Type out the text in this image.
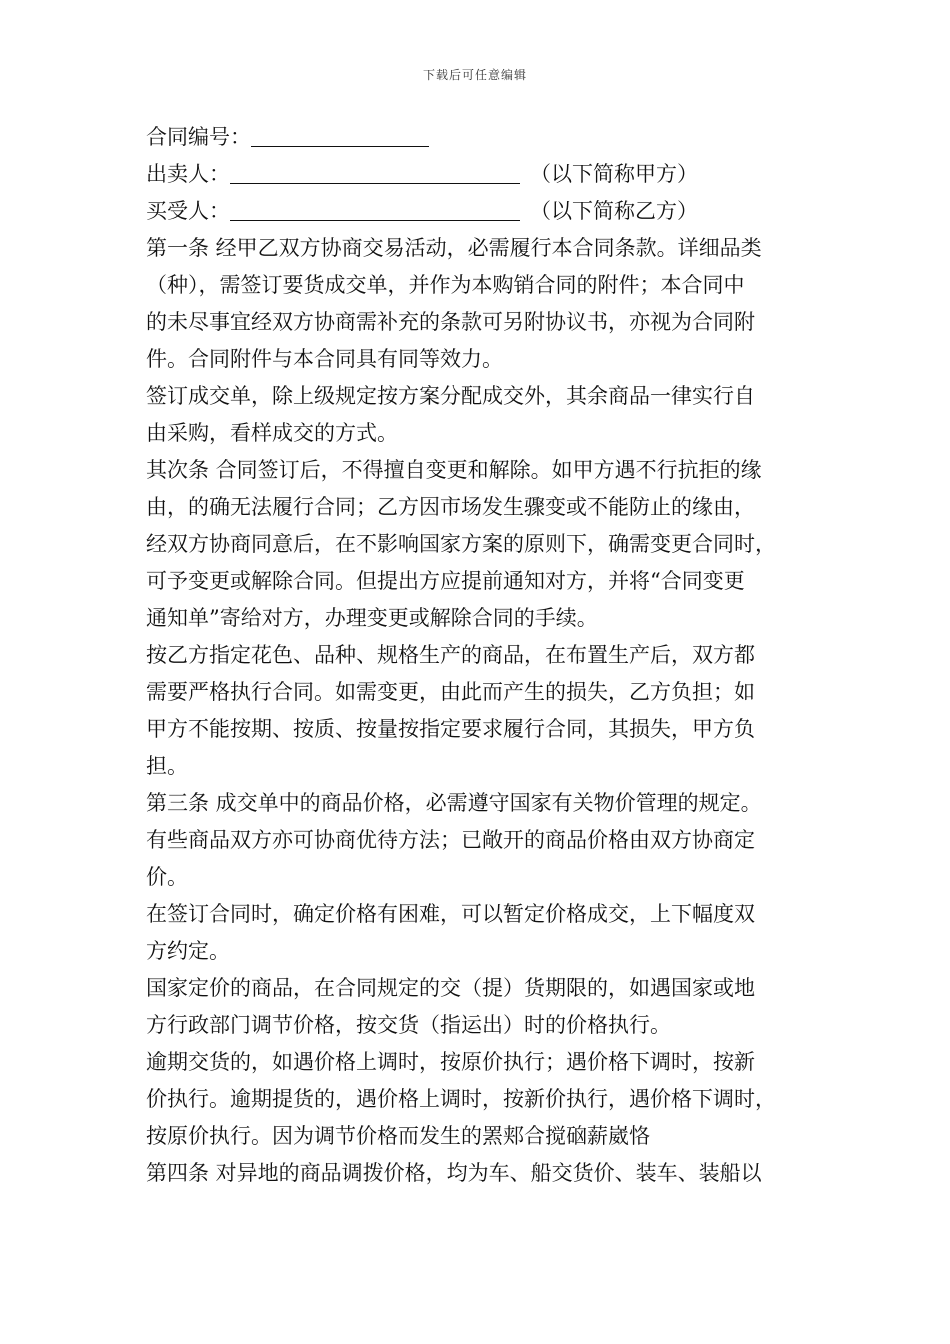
下载后可任意编辑
合同编号：
出卖人：	（以下简称甲方）
买受人：	（以下简称乙方）
第一条 经甲乙双方协商交易活动，必需履行本合同条款。详细品类
（种），需签订要货成交单，并作为本购销合同的附件；本合同中
的未尽事宜经双方协商需补充的条款可另附协议书，亦视为合同附
件。合同附件与本合同具有同等效力。
签订成交单，除上级规定按方案分配成交外，其余商品一律实行自
由采购，看样成交的方式。
其次条 合同签订后，不得擅自变更和解除。如甲方遇不行抗拒的缘
由，的确无法履行合同；乙方因市场发生骤变或不能防止的缘由，
经双方协商同意后，在不影响国家方案的原则下，确需变更合同时，
可予变更或解除合同。但提出方应提前通知对方，并将“合同变更
通知单”寄给对方，办理变更或解除合同的手续。
按乙方指定花色、品种、规格生产的商品，在布置生产后，双方都
需要严格执行合同。如需变更，由此而产生的损失，乙方负担；如
甲方不能按期、按质、按量按指定要求履行合同，其损失，甲方负
担。
第三条 成交单中的商品价格，必需遵守国家有关物价管理的规定。
有些商品双方亦可协商优待方法；已敞开的商品价格由双方协商定
价。
在签订合同时，确定价格有困难，可以暂定价格成交，上下幅度双
方约定。
国家定价的商品，在合同规定的交（提）货期限的，如遇国家或地
方行政部门调节价格，按交货（指运出）时的价格执行。
逾期交货的，如遇价格上调时，按原价执行；遇价格下调时，按新
价执行。逾期提货的，遇价格上调时，按新价执行，遇价格下调时，
按原价执行。因为调节价格而发生的罴郏合搅硇薪崴恪
第四条 对异地的商品调拨价格，均为车、船交货价、装车、装船以
